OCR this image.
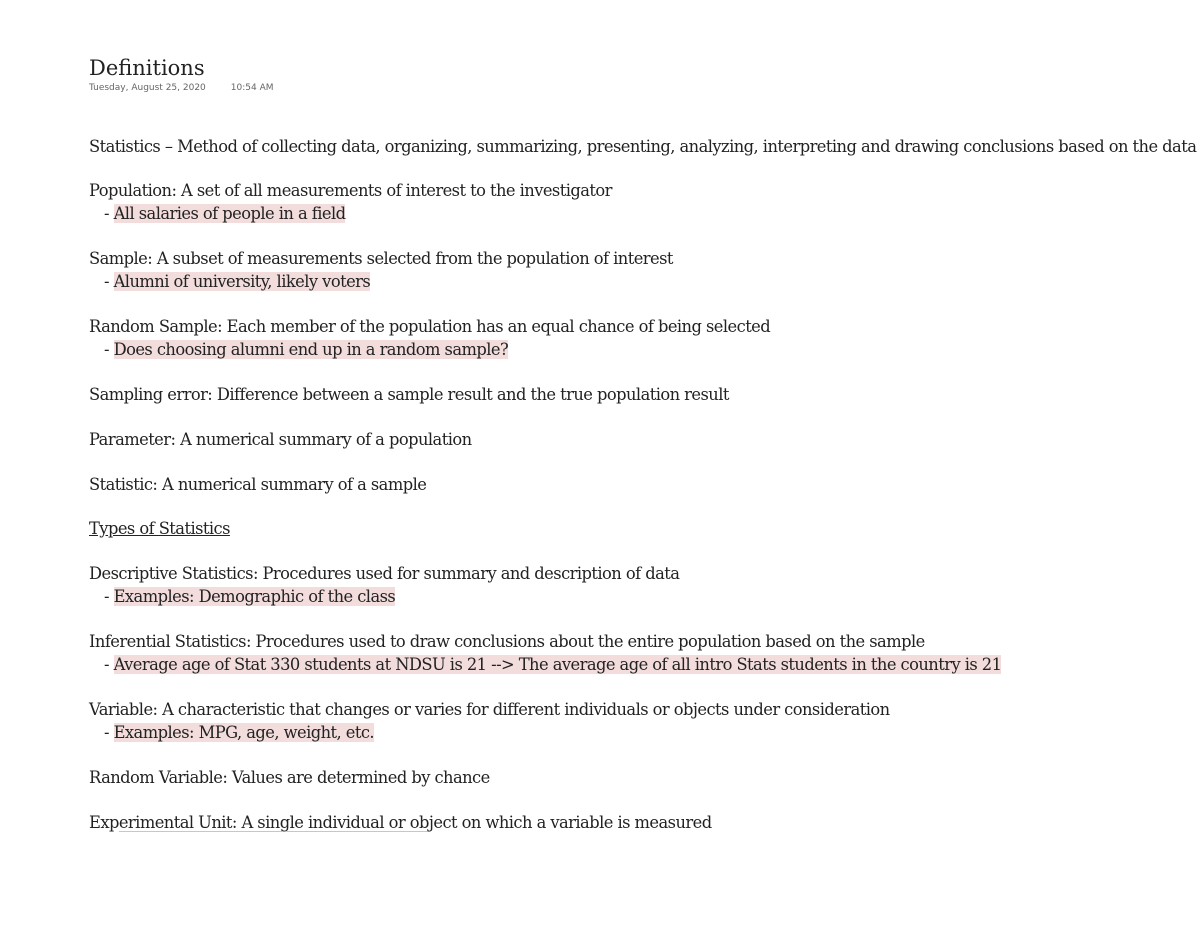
Definitions
Tuesday, August 25, 2020	10:54 AM
Statistics – Method of collecting data, organizing, summarizing, presenting, analyzing, interpreting and drawing conclusions based on the data
Population: A set of all measurements of interest to the investigator
- All salaries of people in a field
Sample: A subset of measurements selected from the population of interest
- Alumni of university, likely voters
Random Sample: Each member of the population has an equal chance of being selected
- Does choosing alumni end up in a random sample?
Sampling error: Difference between a sample result and the true population result
Parameter: A numerical summary of a population
Statistic: A numerical summary of a sample
Types of Statistics
Descriptive Statistics: Procedures used for summary and description of data
- Examples: Demographic of the class
Inferential Statistics: Procedures used to draw conclusions about the entire population based on the sample
- Average age of Stat 330 students at NDSU is 21 --> The average age of all intro Stats students in the country is 21
Variable: A characteristic that changes or varies for different individuals or objects under consideration
- Examples: MPG, age, weight, etc.
Random Variable: Values are determined by chance
Experimental Unit: A single individual or object on which a variable is measured
